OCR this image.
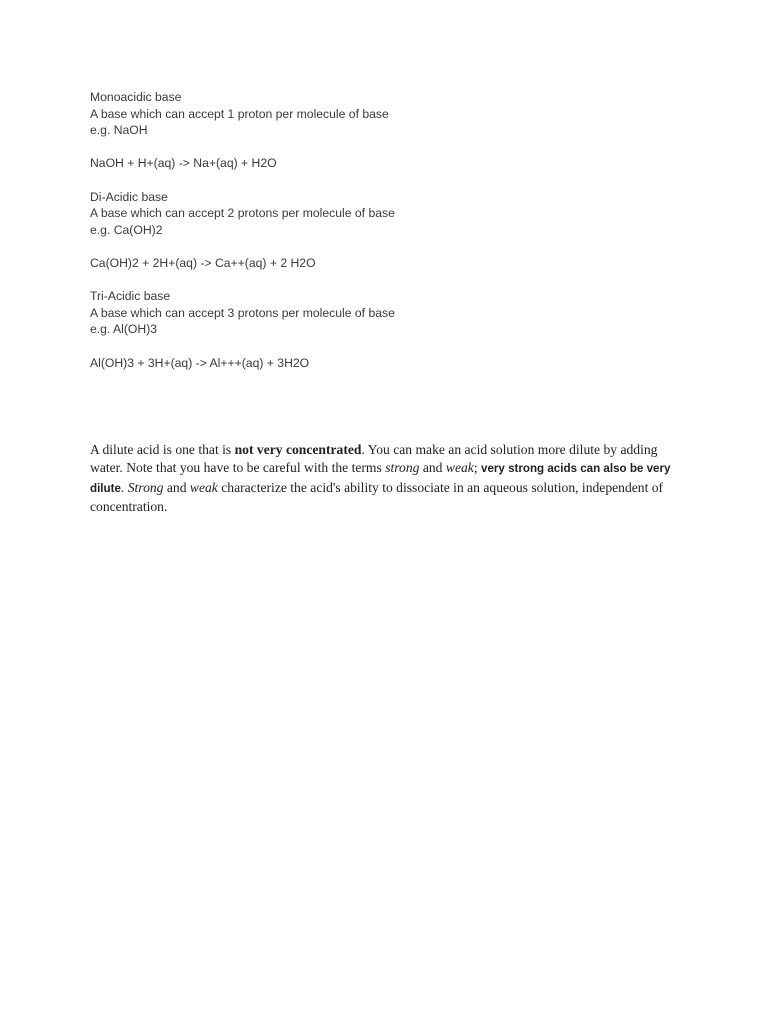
Monoacidic base
A base which can accept 1 proton per molecule of base
e.g. NaOH
NaOH + H+(aq) -> Na+(aq) + H2O
Di-Acidic base
A base which can accept 2 protons per molecule of base
e.g. Ca(OH)2
Ca(OH)2 + 2H+(aq) -> Ca++(aq) + 2 H2O
Tri-Acidic base
A base which can accept 3 protons per molecule of base
e.g. Al(OH)3
Al(OH)3 + 3H+(aq) -> Al+++(aq) + 3H2O

A dilute acid is one that is not very concentrated. You can make an acid solution more dilute by adding water. Note that you have to be careful with the terms strong and weak; very strong acids can also be very dilute. Strong and weak characterize the acid's ability to dissociate in an aqueous solution, independent of concentration.
